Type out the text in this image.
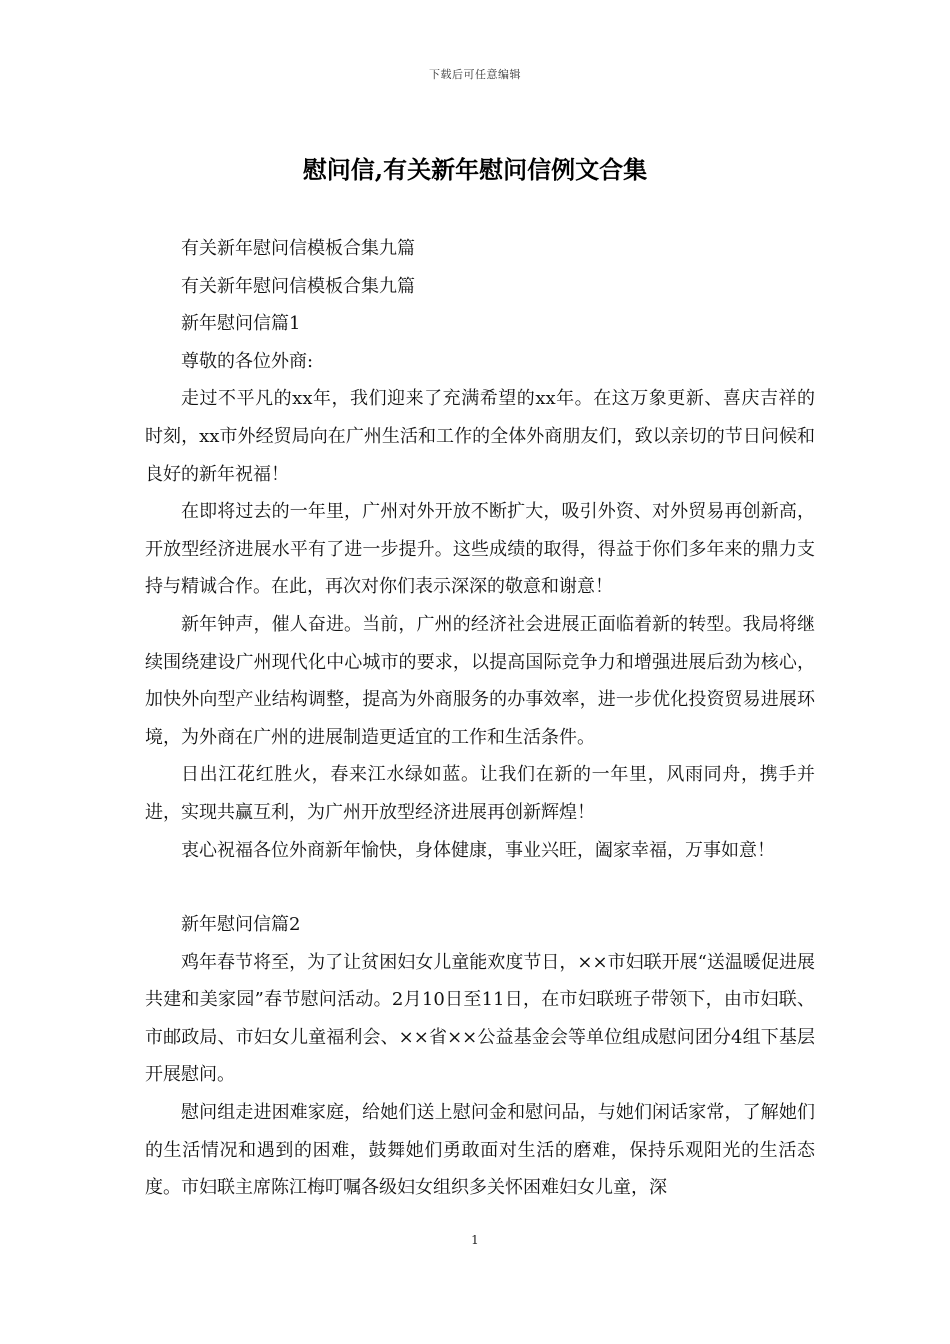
下载后可任意编辑
慰问信,有关新年慰问信例文合集

有关新年慰问信模板合集九篇

有关新年慰问信模板合集九篇

新年慰问信篇1

尊敬的各位外商:

走过不平凡的xx年，我们迎来了充满希望的xx年。在这万象更新、喜庆吉祥的时刻，xx市外经贸局向在广州生活和工作的全体外商朋友们，致以亲切的节日问候和良好的新年祝福！

在即将过去的一年里，广州对外开放不断扩大，吸引外资、对外贸易再创新高，开放型经济进展水平有了进一步提升。这些成绩的取得，得益于你们多年来的鼎力支持与精诚合作。在此，再次对你们表示深深的敬意和谢意！

新年钟声，催人奋进。当前，广州的经济社会进展正面临着新的转型。我局将继续围绕建设广州现代化中心城市的要求，以提高国际竞争力和增强进展后劲为核心，加快外向型产业结构调整，提高为外商服务的办事效率，进一步优化投资贸易进展环境，为外商在广州的进展制造更适宜的工作和生活条件。

日出江花红胜火，春来江水绿如蓝。让我们在新的一年里，风雨同舟，携手并进，实现共赢互利，为广州开放型经济进展再创新辉煌！

衷心祝福各位外商新年愉快，身体健康，事业兴旺，阖家幸福，万事如意！

新年慰问信篇2

鸡年春节将至，为了让贫困妇女儿童能欢度节日，××市妇联开展“送温暖促进展共建和美家园”春节慰问活动。2月10日至11日，在市妇联班子带领下，由市妇联、市邮政局、市妇女儿童福利会、××省××公益基金会等单位组成慰问团分4组下基层开展慰问。

慰问组走进困难家庭，给她们送上慰问金和慰问品，与她们闲话家常，了解她们的生活情况和遇到的困难，鼓舞她们勇敢面对生活的磨难，保持乐观阳光的生活态度。市妇联主席陈江梅叮嘱各级妇女组织多关怀困难妇女儿童，深

1
